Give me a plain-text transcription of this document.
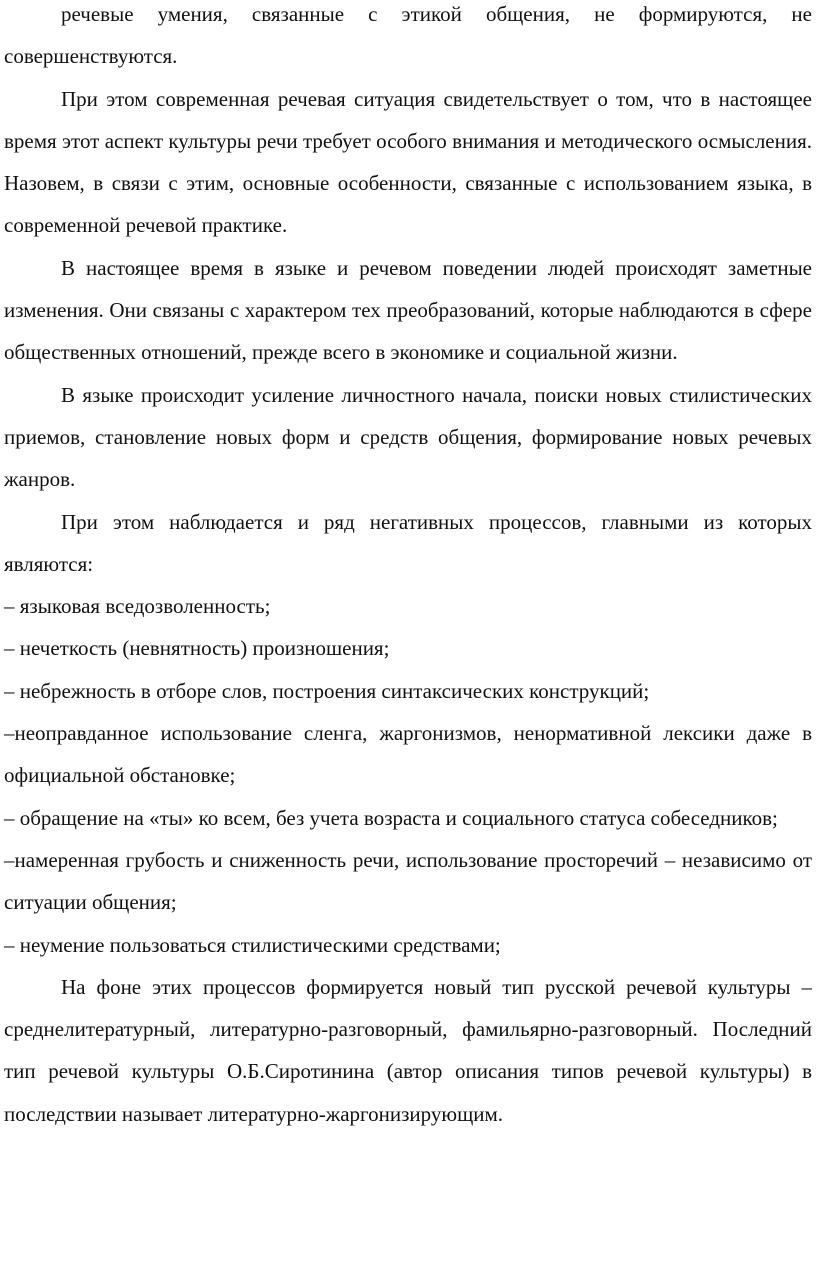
речевые умения, связанные с этикой общения, не формируются, не совершенствуются.

При этом современная речевая ситуация свидетельствует о том, что в настоящее время этот аспект культуры речи требует особого внимания и методического осмысления. Назовем, в связи с этим, основные особенности, связанные с использованием языка, в современной речевой практике.

В настоящее время в языке и речевом поведении людей происходят заметные изменения. Они связаны с характером тех преобразований, которые наблюдаются в сфере общественных отношений, прежде всего в экономике и социальной жизни.

В языке происходит усиление личностного начала, поиски новых стилистических приемов, становление новых форм и средств общения, формирование новых речевых жанров.

При этом наблюдается и ряд негативных процессов, главными из которых являются:

– языковая вседозволенность;

– нечеткость (невнятность) произношения;

– небрежность в отборе слов, построения синтаксических конструкций;

–неоправданное использование сленга, жаргонизмов, ненормативной лексики даже в официальной обстановке;

– обращение на «ты» ко всем, без учета возраста и социального статуса собеседников;

–намеренная грубость и сниженность речи, использование просторечий – независимо от ситуации общения;

– неумение пользоваться стилистическими средствами;

На фоне этих процессов формируется новый тип русской речевой культуры – среднелитературный, литературно-разговорный, фамильярно-разговорный. Последний тип речевой культуры О.Б.Сиротинина (автор описания типов речевой культуры) в последствии называет литературно-жаргонизирующим.
